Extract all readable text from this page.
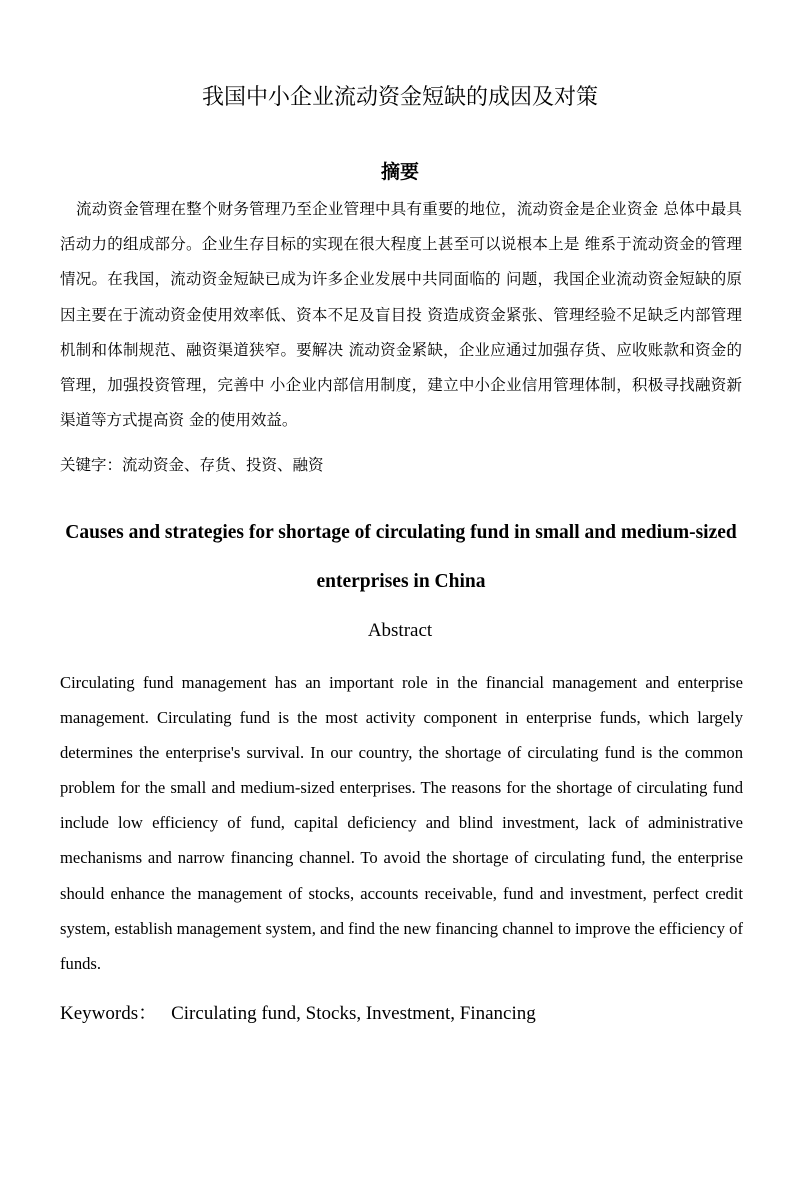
我国中小企业流动资金短缺的成因及对策
摘要
流动资金管理在整个财务管理乃至企业管理中具有重要的地位，流动资金是企业资金 总体中最具活动力的组成部分。企业生存目标的实现在很大程度上甚至可以说根本上是 维系于流动资金的管理情况。在我国，流动资金短缺已成为许多企业发展中共同面临的 问题，我国企业流动资金短缺的原因主要在于流动资金使用效率低、资本不足及盲目投 资造成资金紧张、管理经验不足缺乏内部管理机制和体制规范、融资渠道狭窄。要解决 流动资金紧缺，企业应通过加强存货、应收账款和资金的管理，加强投资管理，完善中 小企业内部信用制度，建立中小企业信用管理体制，积极寻找融资新渠道等方式提高资 金的使用效益。
关键字：流动资金、存货、投资、融资
Causes and strategies for shortage of circulating fund in small and medium-sized enterprises in China
Abstract
Circulating fund management has an important role in the financial management and enterprise management. Circulating fund is the most activity component in enterprise funds, which largely determines the enterprise's survival. In our country, the shortage of circulating fund is the common problem for the small and medium-sized enterprises. The reasons for the shortage of circulating fund include low efficiency of fund, capital deficiency and blind investment, lack of administrative mechanisms and narrow financing channel. To avoid the shortage of circulating fund, the enterprise should enhance the management of stocks, accounts receivable, fund and investment, perfect credit system, establish management system, and find the new financing channel to improve the efficiency of funds.
Keywords： Circulating fund, Stocks, Investment, Financing
